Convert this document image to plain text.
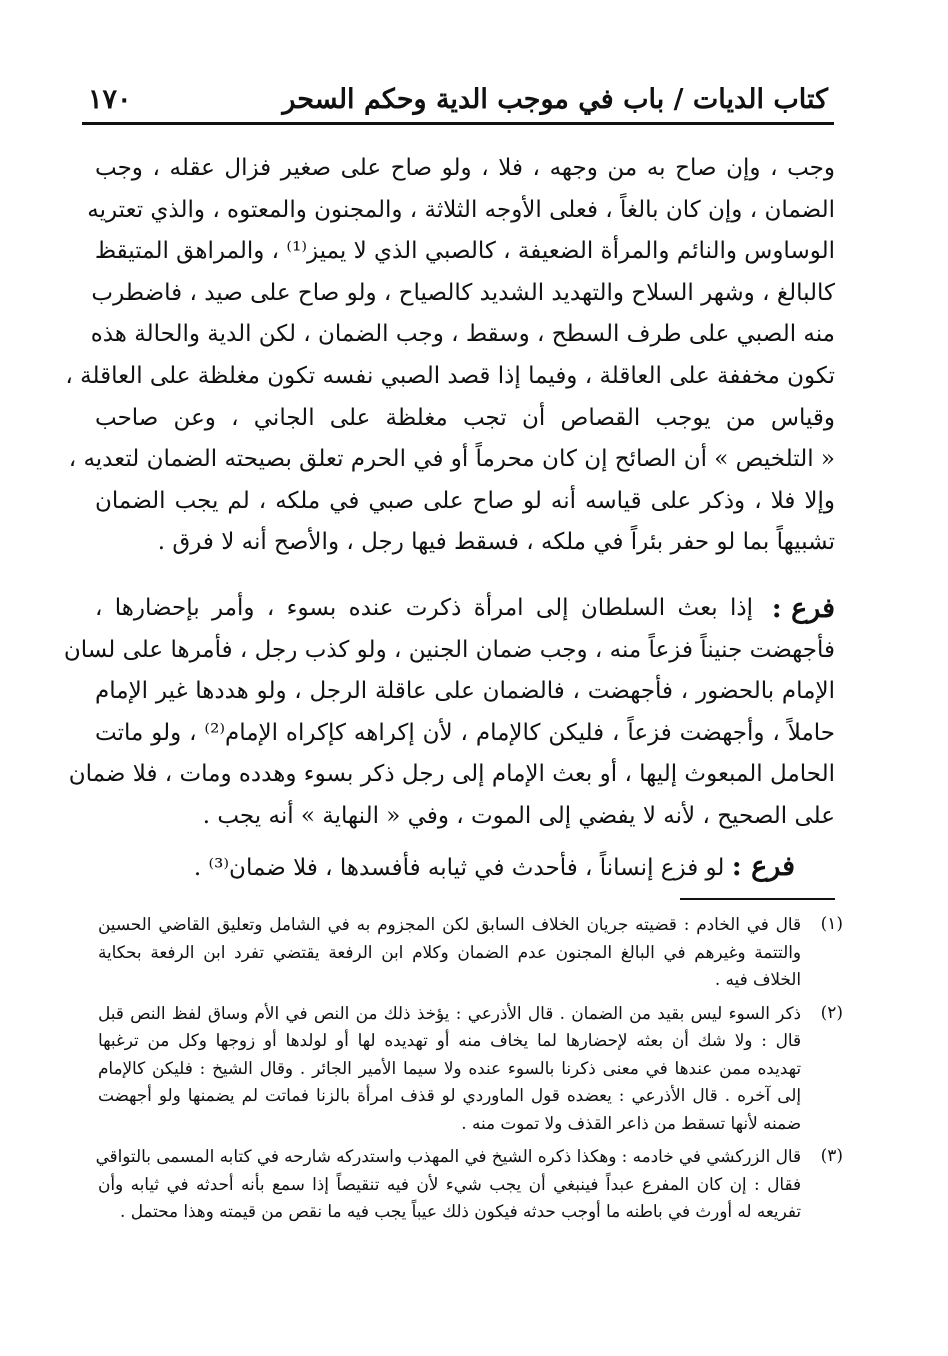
كتاب الديات / باب في موجب الدية وحكم السحر
١٧٠
وجب ، وإن صاح به من وجهه ، فلا ، ولو صاح على صغير فزال عقله ، وجب
الضمان ، وإن كان بالغاً ، فعلى الأوجه الثلاثة ، والمجنون والمعتوه ، والذي تعتريه
الوساوس والنائم والمرأة الضعيفة ، كالصبي الذي لا يميز⁽¹⁾ ، والمراهق المتيقظ
كالبالغ ، وشهر السلاح والتهديد الشديد كالصياح ، ولو صاح على صيد ، فاضطرب
منه الصبي على طرف السطح ، وسقط ، وجب الضمان ، لكن الدية والحالة هذه
تكون مخففة على العاقلة ، وفيما إذا قصد الصبي نفسه تكون مغلظة على العاقلة ،
وقياس من يوجب القصاص أن تجب مغلظة على الجاني ، وعن صاحب
« التلخيص » أن الصائح إن كان محرماً أو في الحرم تعلق بصيحته الضمان لتعديه ،
وإلا فلا ، وذكر على قياسه أنه لو صاح على صبي في ملكه ، لم يجب الضمان
تشبيهاً بما لو حفر بئراً في ملكه ، فسقط فيها رجل ، والأصح أنه لا فرق .
فرع :
إذا بعث السلطان إلى امرأة ذكرت عنده بسوء ، وأمر بإحضارها ،
فأجهضت جنيناً فزعاً منه ، وجب ضمان الجنين ، ولو كذب رجل ، فأمرها على لسان
الإمام بالحضور ، فأجهضت ، فالضمان على عاقلة الرجل ، ولو هددها غير الإمام
حاملاً ، وأجهضت فزعاً ، فليكن كالإمام ، لأن إكراهه كإكراه الإمام⁽²⁾ ، ولو ماتت
الحامل المبعوث إليها ، أو بعث الإمام إلى رجل ذكر بسوء وهدده ومات ، فلا ضمان
على الصحيح ، لأنه لا يفضي إلى الموت ، وفي « النهاية » أنه يجب .
فرع : لو فزع إنساناً ، فأحدث في ثيابه فأفسدها ، فلا ضمان⁽³⁾ .
(١)
قال في الخادم : قضيته جريان الخلاف السابق لكن المجزوم به في الشامل وتعليق القاضي الحسين
والتتمة وغيرهم في البالغ المجنون عدم الضمان وكلام ابن الرفعة يقتضي تفرد ابن الرفعة بحكاية
الخلاف فيه .
(٢)
ذكر السوء ليس بقيد من الضمان . قال الأذرعي : يؤخذ ذلك من النص في الأم وساق لفظ النص قبل
قال : ولا شك أن بعثه لإحضارها لما يخاف منه أو تهديده لها أو لولدها أو زوجها وكل من ترغبها
تهديده ممن عندها في معنى ذكرنا بالسوء عنده ولا سيما الأمير الجائر . وقال الشيخ : فليكن كالإمام
إلى آخره . قال الأذرعي : يعضده قول الماوردي لو قذف امرأة بالزنا فماتت لم يضمنها ولو أجهضت
ضمنه لأنها تسقط من ذاعر القذف ولا تموت منه .
(٣)
قال الزركشي في خادمه : وهكذا ذكره الشيخ في المهذب واستدركه شارحه في كتابه المسمى بالتواقي
فقال : إن كان المفرع عبداً فينبغي أن يجب شيء لأن فيه تنقيصاً إذا سمع بأنه أحدثه في ثيابه وأن
تفريعه له أورث في باطنه ما أوجب حدثه فيكون ذلك عيباً يجب فيه ما نقص من قيمته وهذا محتمل .
